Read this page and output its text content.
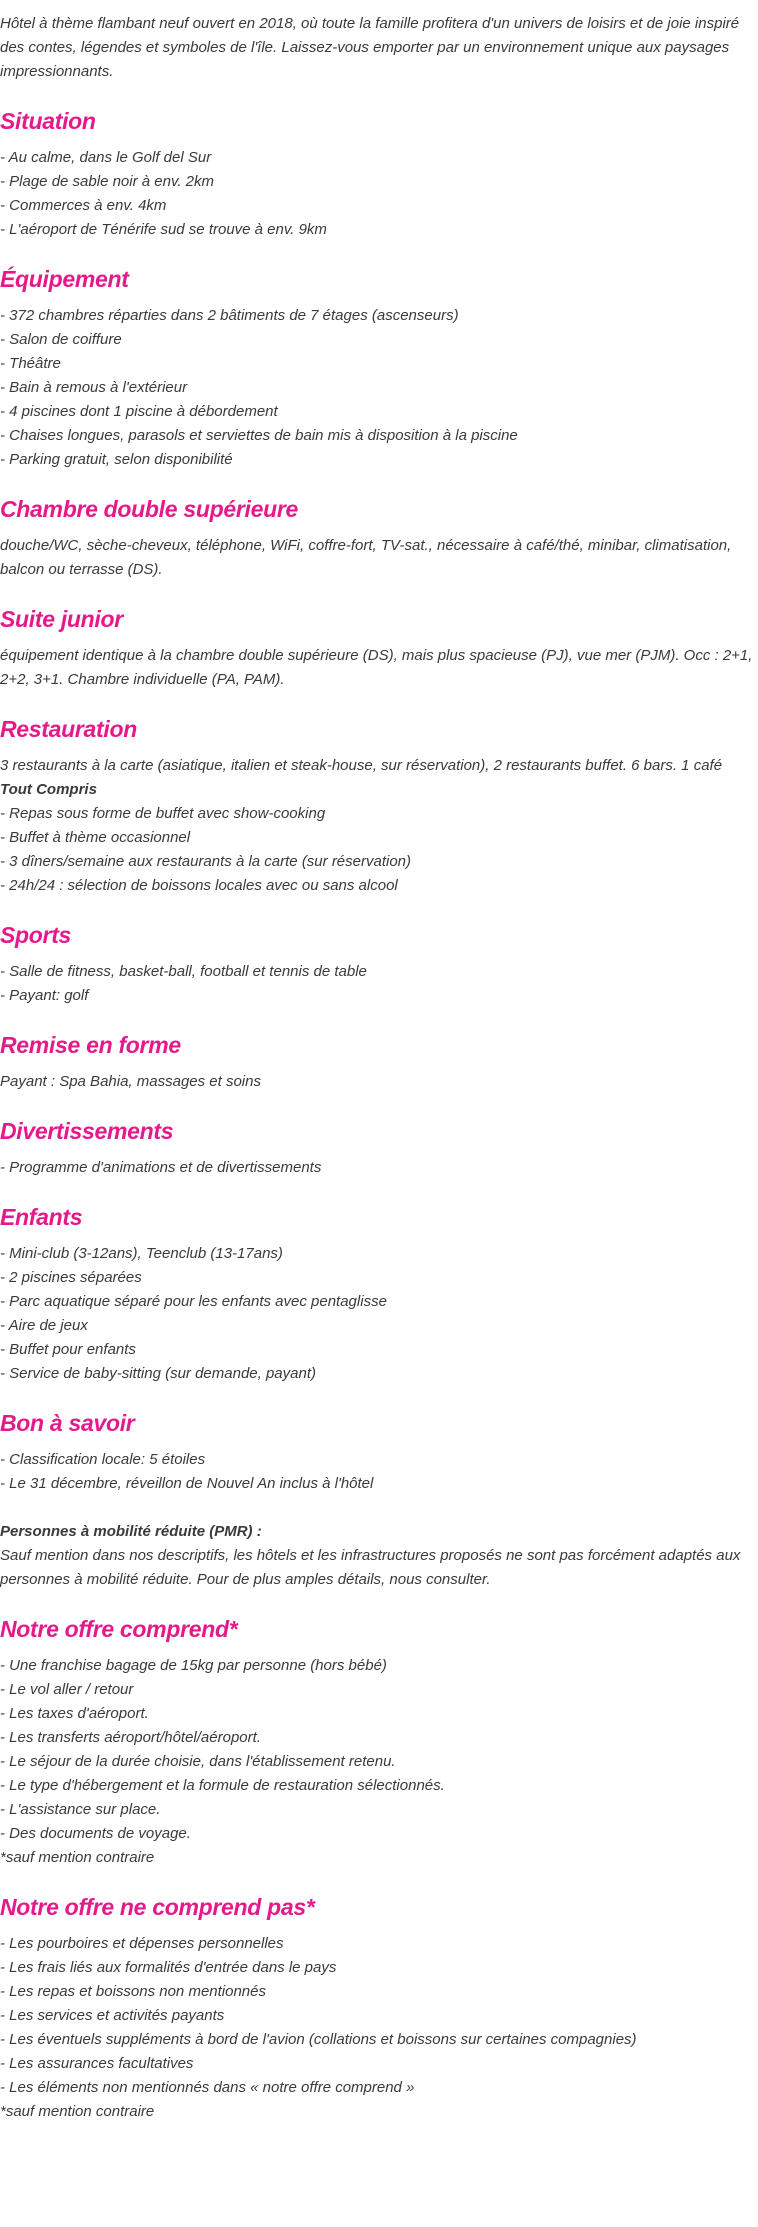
Hôtel à thème flambant neuf ouvert en 2018, où toute la famille profitera d'un univers de loisirs et de joie inspiré des contes, légendes et symboles de l'île. Laissez-vous emporter par un environnement unique aux paysages impressionnants.

Situation
- Au calme, dans le Golf del Sur
- Plage de sable noir à env. 2km
- Commerces à env. 4km
- L'aéroport de Ténérife sud se trouve à env. 9km
Équipement
- 372 chambres réparties dans 2 bâtiments de 7 étages (ascenseurs)
- Salon de coiffure
- Théâtre
- Bain à remous à l'extérieur
- 4 piscines dont 1 piscine à débordement
- Chaises longues, parasols et serviettes de bain mis à disposition à la piscine
- Parking gratuit, selon disponibilité
Chambre double supérieure

douche/WC, sèche-cheveux, téléphone, WiFi, coffre-fort, TV-sat., nécessaire à café/thé, minibar, climatisation, balcon ou terrasse (DS).

Suite junior

équipement identique à la chambre double supérieure (DS), mais plus spacieuse (PJ), vue mer (PJM). Occ : 2+1, 2+2, 3+1. Chambre individuelle (PA, PAM).

Restauration

3 restaurants à la carte (asiatique, italien et steak-house, sur réservation), 2 restaurants buffet. 6 bars. 1 café

Tout Compris
- Repas sous forme de buffet avec show-cooking
- Buffet à thème occasionnel
- 3 dîners/semaine aux restaurants à la carte (sur réservation)
- 24h/24 : sélection de boissons locales avec ou sans alcool
Sports
- Salle de fitness, basket-ball, football et tennis de table
- Payant: golf
Remise en forme

Payant : Spa Bahia, massages et soins

Divertissements
- Programme d'animations et de divertissements
Enfants
- Mini-club (3-12ans), Teenclub (13-17ans)
- 2 piscines séparées
- Parc aquatique séparé pour les enfants avec pentaglisse
- Aire de jeux
- Buffet pour enfants
- Service de baby-sitting (sur demande, payant)
Bon à savoir
- Classification locale: 5 étoiles
- Le 31 décembre, réveillon de Nouvel An inclus à l'hôtel
Personnes à mobilité réduite (PMR) :

Sauf mention dans nos descriptifs, les hôtels et les infrastructures proposés ne sont pas forcément adaptés aux personnes à mobilité réduite. Pour de plus amples détails, nous consulter.

Notre offre comprend*
- Une franchise bagage de 15kg par personne (hors bébé)
- Le vol aller / retour
- Les taxes d'aéroport.
- Les transferts aéroport/hôtel/aéroport.
- Le séjour de la durée choisie, dans l'établissement retenu.
- Le type d'hébergement et la formule de restauration sélectionnés.
- L'assistance sur place.
- Des documents de voyage.
*sauf mention contraire
Notre offre ne comprend pas*
- Les pourboires et dépenses personnelles
- Les frais liés aux formalités d'entrée dans le pays
- Les repas et boissons non mentionnés
- Les services et activités payants
- Les éventuels suppléments à bord de l'avion (collations et boissons sur certaines compagnies)
- Les assurances facultatives
- Les éléments non mentionnés dans « notre offre comprend »
*sauf mention contraire
